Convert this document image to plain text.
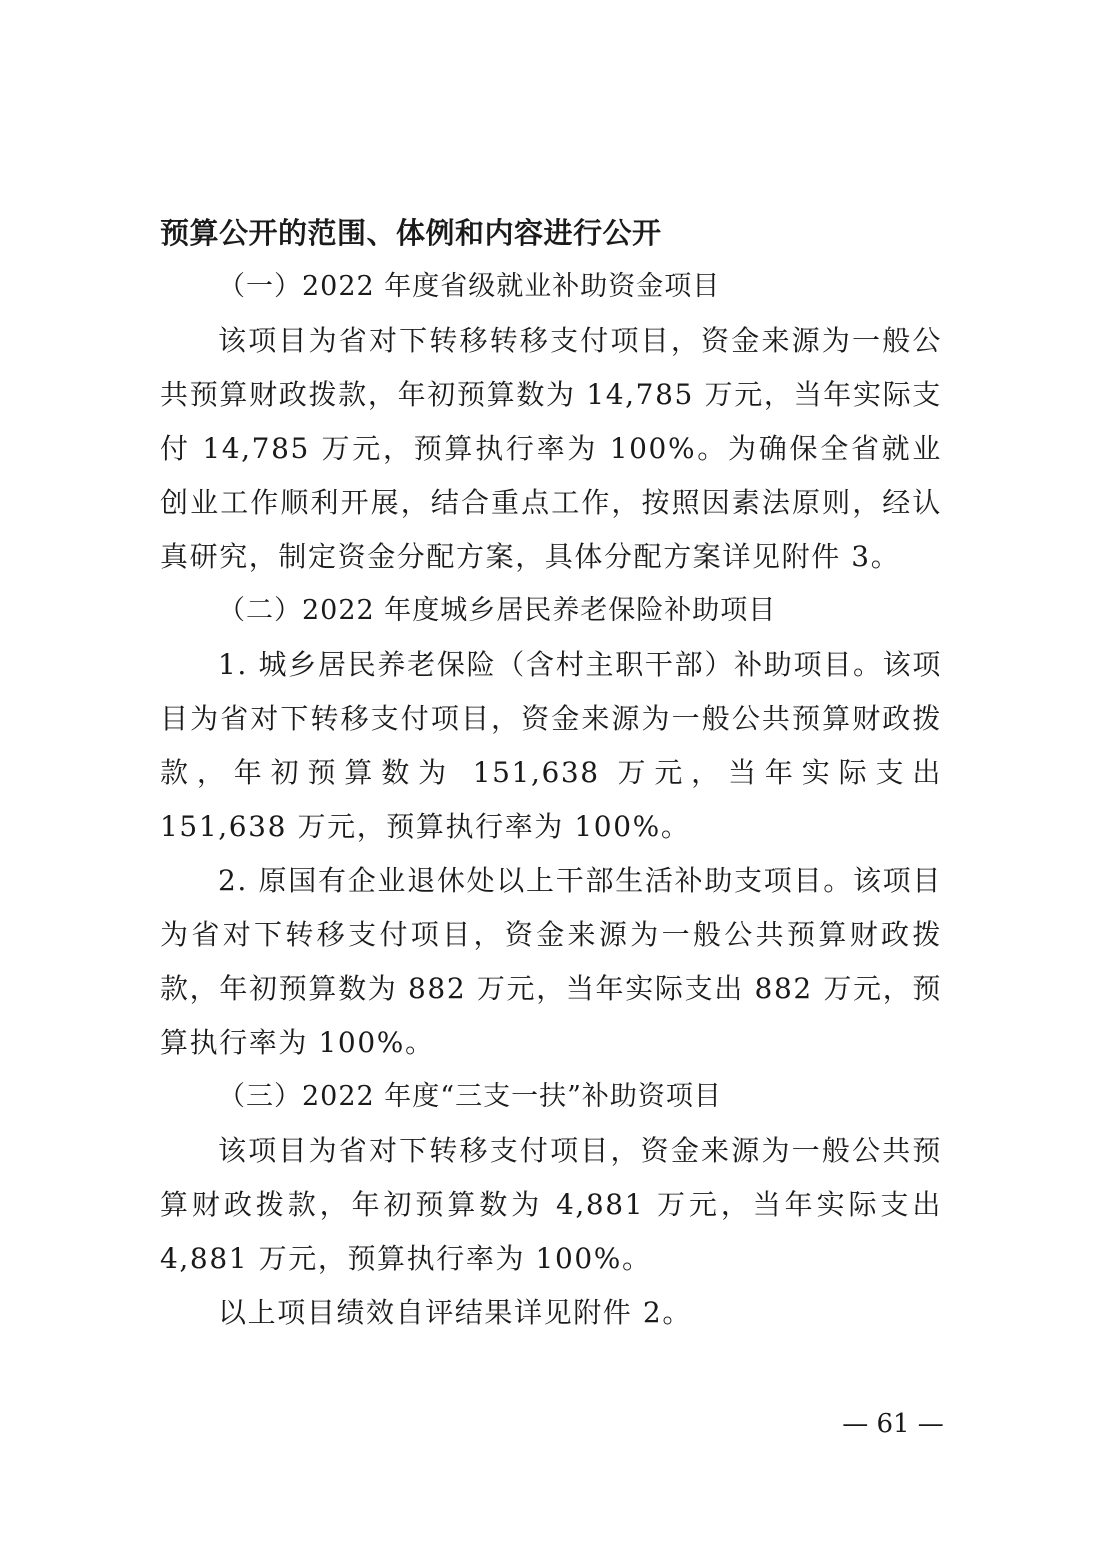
预算公开的范围、体例和内容进行公开
（一）2022 年度省级就业补助资金项目

该项目为省对下转移转移支付项目，资金来源为一般公共预算财政拨款，年初预算数为 14,785 万元，当年实际支付 14,785 万元，预算执行率为 100%。为确保全省就业创业工作顺利开展，结合重点工作，按照因素法原则，经认真研究，制定资金分配方案，具体分配方案详见附件 3。

（二）2022 年度城乡居民养老保险补助项目

1. 城乡居民养老保险（含村主职干部）补助项目。该项目为省对下转移支付项目，资金来源为一般公共预算财政拨款，年初预算数为 151,638 万元，当年实际支出 151,638 万元，预算执行率为 100%。

2. 原国有企业退休处以上干部生活补助支项目。该项目为省对下转移支付项目，资金来源为一般公共预算财政拨款，年初预算数为 882 万元，当年实际支出 882 万元，预算执行率为 100%。

（三）2022 年度“三支一扶”补助资项目

该项目为省对下转移支付项目，资金来源为一般公共预算财政拨款，年初预算数为 4,881 万元，当年实际支出 4,881 万元，预算执行率为 100%。

以上项目绩效自评结果详见附件 2。

— 61 —
